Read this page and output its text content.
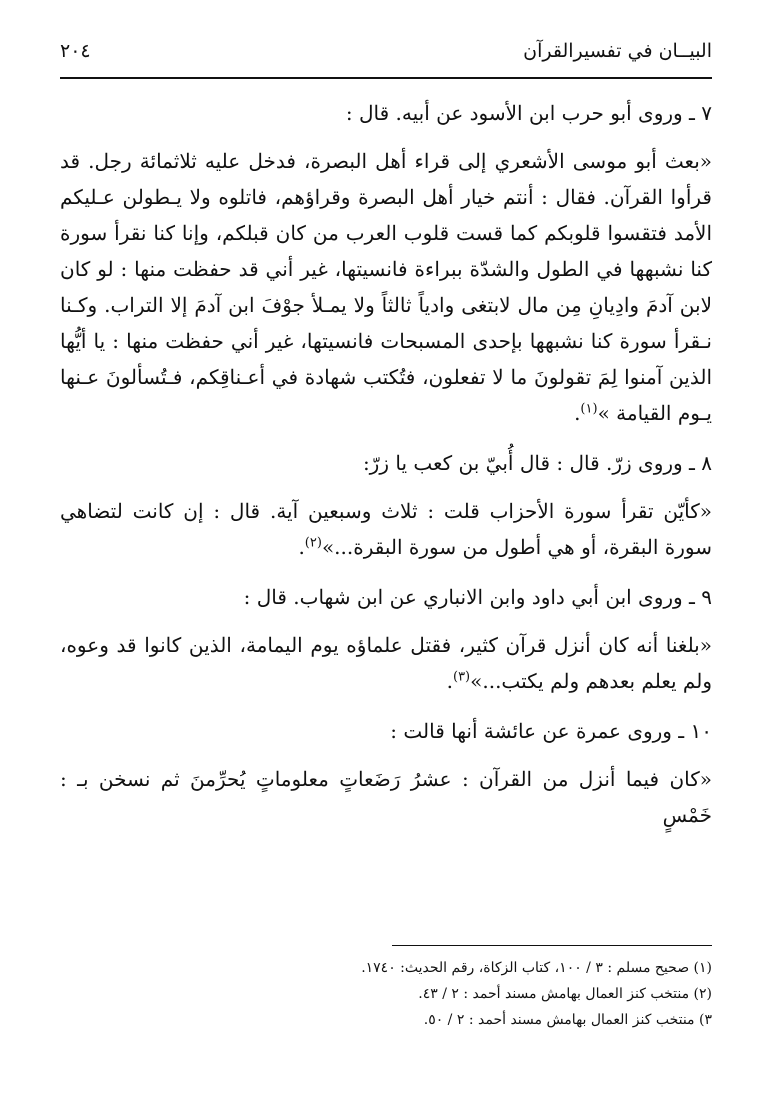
البيــان في تفسيرالقرآن
٢٠٤

٧ ـ وروى أبو حرب ابن الأسود عن أبيه. قال :

«بعث أبو موسى الأشعري إلى قراء أهل البصرة، فدخل عليه ثلاثمائة رجل. قد قرأوا القرآن. فقال : أنتم خيار أهل البصرة وقراؤهم، فاتلوه ولا يـطولن عـليكم الأمد فتقسوا قلوبكم كما قست قلوب العرب من كان قبلكم، وإنا كنا نقرأ سورة كنا نشبهها في الطول والشدّة ببراءة فانسيتها، غير أني قد حفظت منها : لو كان لابن آدمَ وادِيانِ مِن مال لابتغى وادياً ثالثاً ولا يمـلأ جوْفَ ابن آدمَ إلا التراب. وكـنا نـقرأ سورة كنا نشبهها بإحدى المسبحات فانسيتها، غير أني حفظت منها : يا أيُّها الذين آمنوا لِمَ تقولونَ ما لا تفعلون، فتُكتب شهادة في أعـناقِكم، فـتُسألونَ عـنها يـوم القيامة »$^{(١)}$.

٨ ـ وروى زرّ. قال : قال أُبيّ بن كعب يا زرّ:

«كأيّن تقرأ سورة الأحزاب قلت : ثلاث وسبعين آية. قال : إن كانت لتضاهي سورة البقرة، أو هي أطول من سورة البقرة...»$^{(٢)}$.

٩ ـ وروى ابن أبي داود وابن الانباري عن ابن شهاب. قال :

«بلغنا أنه كان أنزل قرآن كثير، فقتل علماؤه يوم اليمامة، الذين كانوا قد وعوه، ولم يعلم بعدهم ولم يكتب...»$^{(٣)}$.

١٠ ـ وروى عمرة عن عائشة أنها قالت :

«كان فيما أنزل من القرآن : عشرُ رَضَعاتٍ معلوماتٍ يُحرِّمنَ ثم نسخن بـ : خَمْسٍ

(١) صحيح مسلم : ٣ / ١٠٠، كتاب الزكاة، رقم الحديث: ١٧٤٠.

(٢) منتخب كنز العمال بهامش مسند أحمد : ٢ / ٤٣.

٣) منتخب كنز العمال بهامش مسند أحمد : ٢ / ٥٠.
